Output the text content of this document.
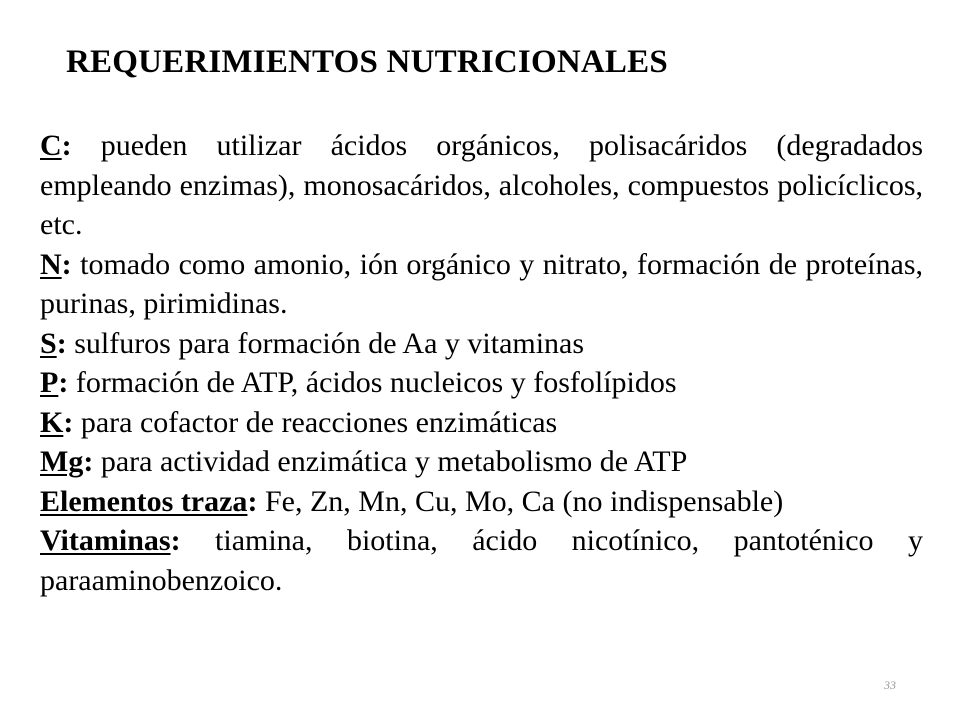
REQUERIMIENTOS NUTRICIONALES

C: pueden utilizar ácidos orgánicos, polisacáridos (degradados empleando enzimas), monosacáridos, alcoholes, compuestos policíclicos, etc.

N: tomado como amonio, ión orgánico y nitrato, formación de proteínas, purinas, pirimidinas.

S: sulfuros para formación de Aa y vitaminas

P: formación de ATP, ácidos nucleicos y fosfolípidos

K: para cofactor de reacciones enzimáticas

Mg: para actividad enzimática y metabolismo de ATP

Elementos traza: Fe, Zn, Mn, Cu, Mo, Ca (no indispensable)

Vitaminas: tiamina, biotina, ácido nicotínico, pantoténico y paraaminobenzoico.

33
